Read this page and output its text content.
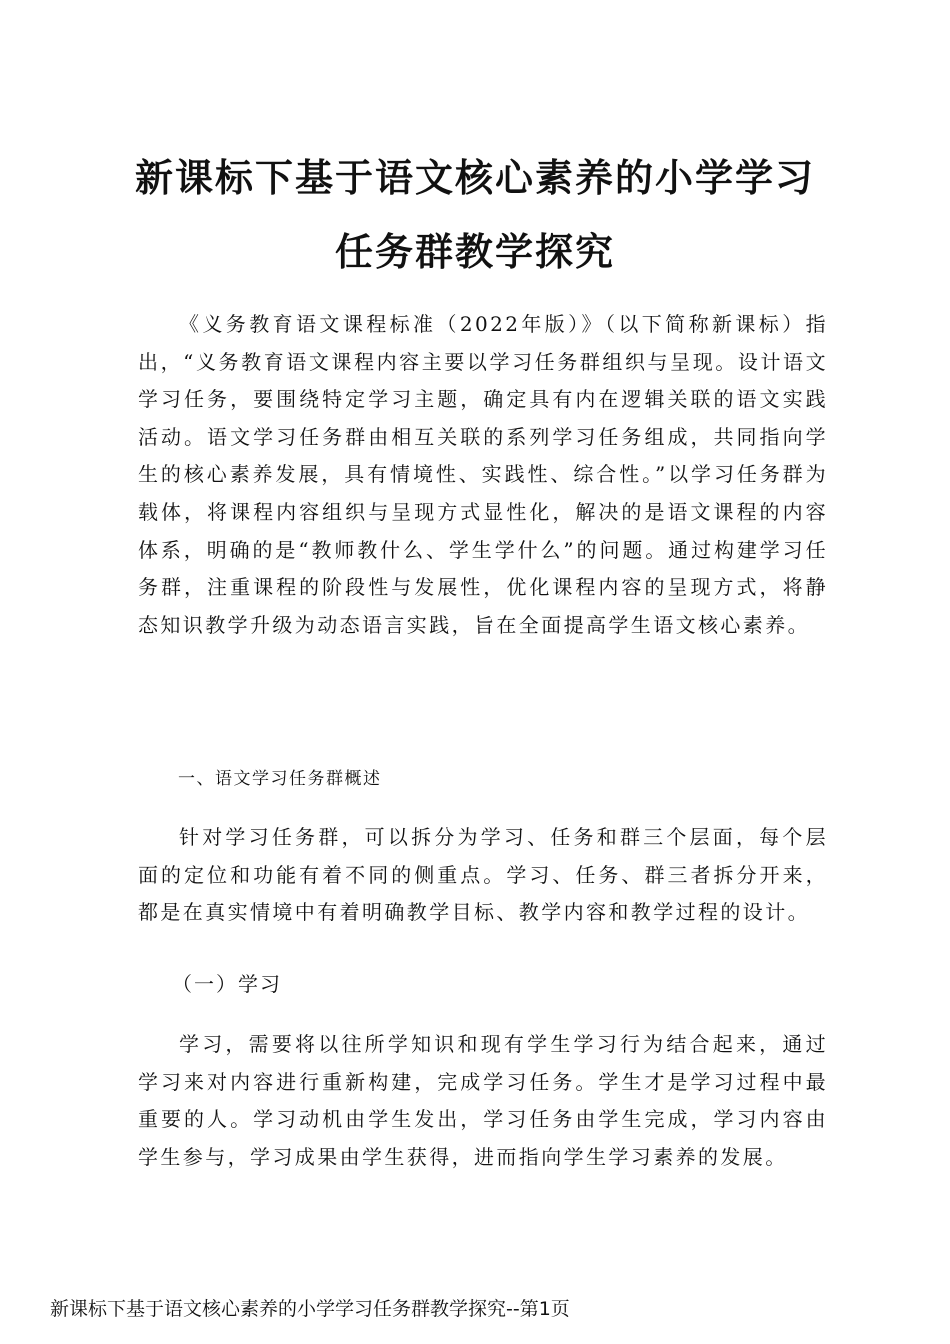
新课标下基于语文核心素养的小学学习
任务群教学探究

《义务教育语文课程标准（2022年版）》（以下简称新课标）指出，“义务教育语文课程内容主要以学习任务群组织与呈现。设计语文学习任务，要围绕特定学习主题，确定具有内在逻辑关联的语文实践活动。语文学习任务群由相互关联的系列学习任务组成，共同指向学生的核心素养发展，具有情境性、实践性、综合性。”以学习任务群为载体，将课程内容组织与呈现方式显性化，解决的是语文课程的内容体系，明确的是“教师教什么、学生学什么”的问题。通过构建学习任务群，注重课程的阶段性与发展性，优化课程内容的呈现方式，将静态知识教学升级为动态语言实践，旨在全面提高学生语文核心素养。

一、语文学习任务群概述

针对学习任务群，可以拆分为学习、任务和群三个层面，每个层面的定位和功能有着不同的侧重点。学习、任务、群三者拆分开来，都是在真实情境中有着明确教学目标、教学内容和教学过程的设计。

（一）学习

学习，需要将以往所学知识和现有学生学习行为结合起来，通过学习来对内容进行重新构建，完成学习任务。学生才是学习过程中最重要的人。学习动机由学生发出，学习任务由学生完成，学习内容由学生参与，学习成果由学生获得，进而指向学生学习素养的发展。

新课标下基于语文核心素养的小学学习任务群教学探究--第1页
